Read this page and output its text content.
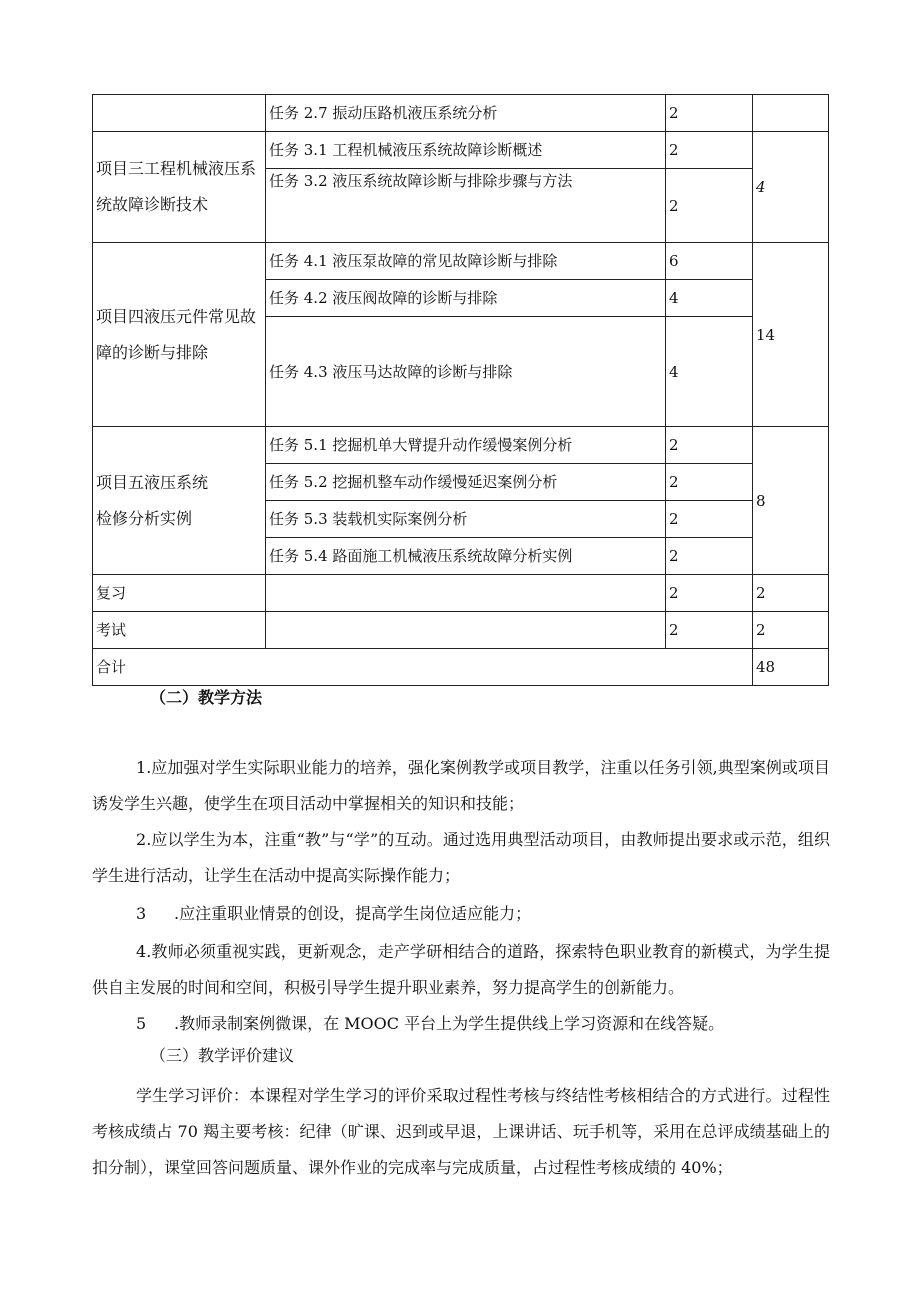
	任务 2.7 振动压路机液压系统分析	2	
项目三工程机械液压系统故障诊断技术	任务 3.1 工程机械液压系统故障诊断概述	2	4
	任务 3.2 液压系统故障诊断与排除步骤与方法	2	
项目四液压元件常见故障的诊断与排除	任务 4.1 液压泵故障的常见故障诊断与排除	6	14
	任务 4.2 液压阀故障的诊断与排除	4	
	任务 4.3 液压马达故障的诊断与排除	4	

项目五液压系统
检修分析实例	任务 5.1 挖掘机单大臂提升动作缓慢案例分析	2	8
	任务 5.2 挖掘机整车动作缓慢延迟案例分析	2	
	任务 5.3 装载机实际案例分析	2	
	任务 5.4 路面施工机械液压系统故障分析实例	2	
复习		2	2
考试		2	2
合计			48
（二）教学方法
1.应加强对学生实际职业能力的培养，强化案例教学或项目教学，注重以任务引领,典型案例或项目诱发学生兴趣，使学生在项目活动中掌握相关的知识和技能；
2.应以学生为本，注重“教”与“学”的互动。通过选用典型活动项目，由教师提出要求或示范，组织学生进行活动，让学生在活动中提高实际操作能力；
3 .应注重职业情景的创设，提高学生岗位适应能力；
4.教师必须重视实践，更新观念，走产学研相结合的道路，探索特色职业教育的新模式，为学生提供自主发展的时间和空间，积极引导学生提升职业素养，努力提高学生的创新能力。
5 .教师录制案例微课，在 MOOC 平台上为学生提供线上学习资源和在线答疑。
（三）教学评价建议
学生学习评价：本课程对学生学习的评价采取过程性考核与终结性考核相结合的方式进行。过程性考核成绩占 70 羯主要考核：纪律（旷课、迟到或早退，上课讲话、玩手机等，采用在总评成绩基础上的扣分制），课堂回答问题质量、课外作业的完成率与完成质量，占过程性考核成绩的 40%；
